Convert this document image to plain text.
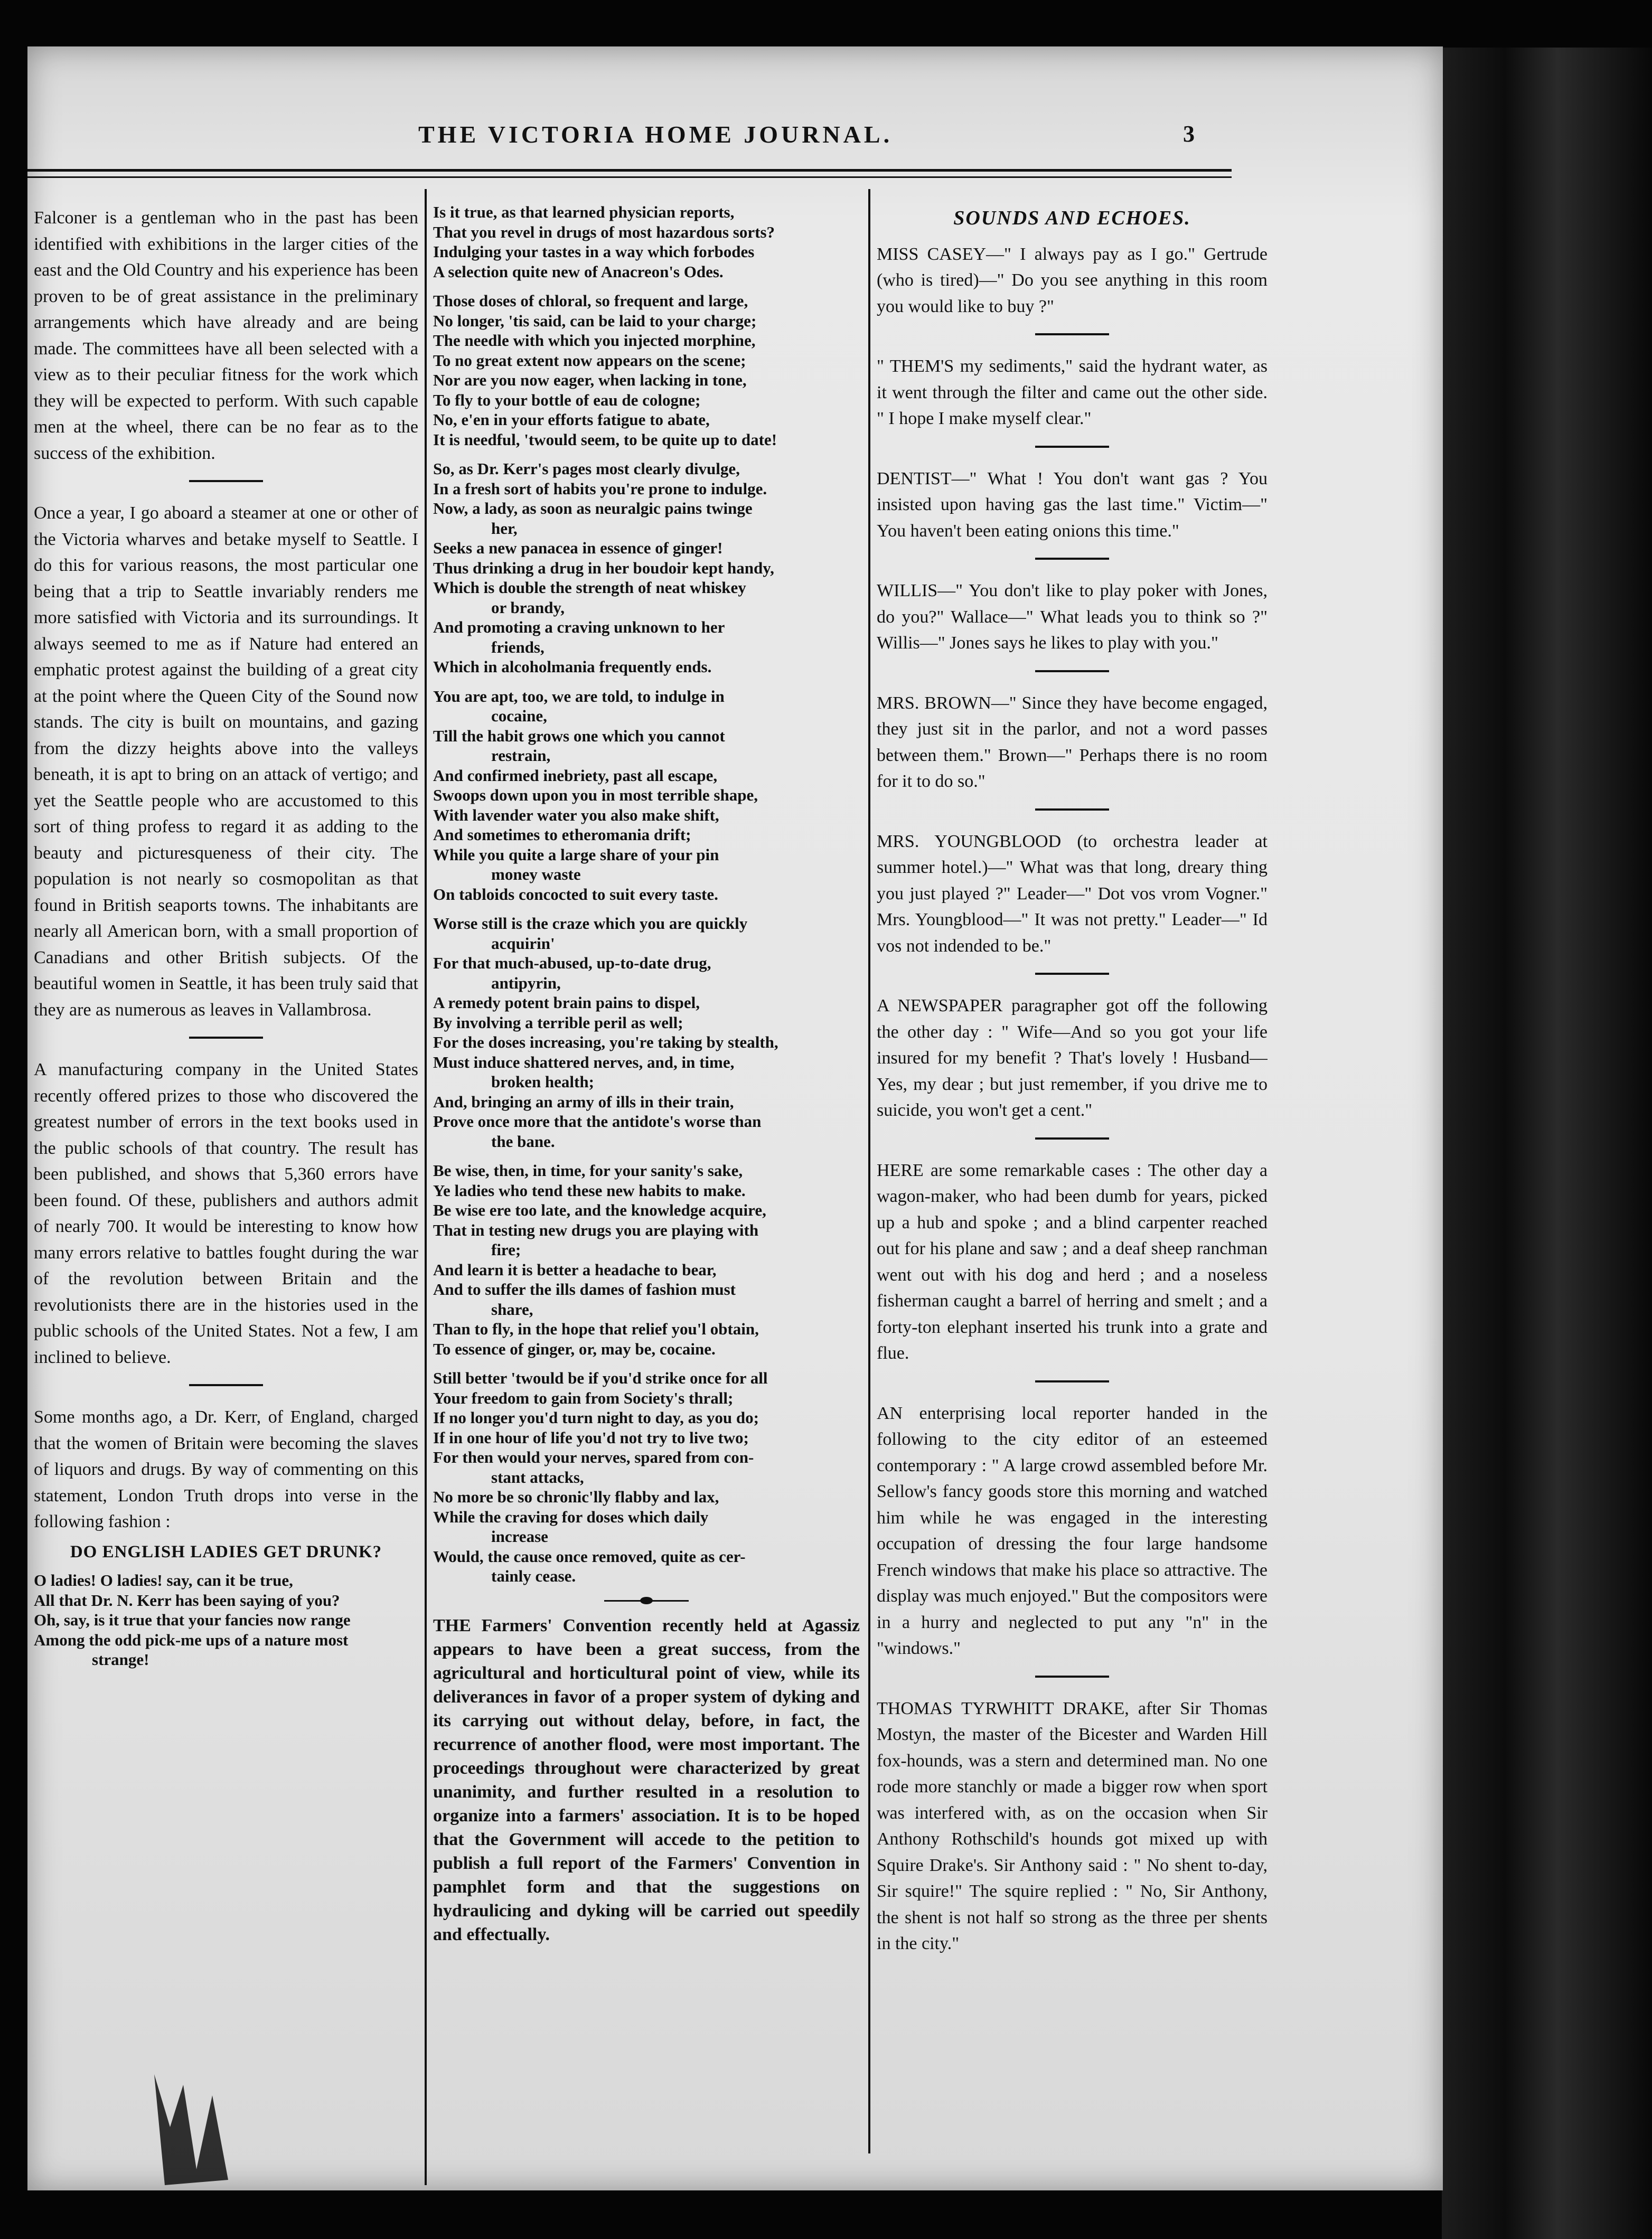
THE VICTORIA HOME JOURNAL.	3

Falconer is a gentleman who in the past has been identified with exhibitions in the larger cities of the east and the Old Country and his experience has been proven to be of great assistance in the preliminary arrangements which have already and are being made. The committees have all been selected with a view as to their peculiar fitness for the work which they will be expected to perform. With such capable men at the wheel, there can be no fear as to the success of the exhibition.

Once a year, I go aboard a steamer at one or other of the Victoria wharves and betake myself to Seattle. I do this for various reasons, the most particular one being that a trip to Seattle invariably renders me more satisfied with Victoria and its surroundings. It always seemed to me as if Nature had entered an emphatic protest against the building of a great city at the point where the Queen City of the Sound now stands. The city is built on mountains, and gazing from the dizzy heights above into the valleys beneath, it is apt to bring on an attack of vertigo; and yet the Seattle people who are accustomed to this sort of thing profess to regard it as adding to the beauty and picturesqueness of their city. The population is not nearly so cosmopolitan as that found in British seaports towns. The inhabitants are nearly all American born, with a small proportion of Canadians and other British subjects. Of the beautiful women in Seattle, it has been truly said that they are as numerous as leaves in Vallambrosa.

A manufacturing company in the United States recently offered prizes to those who discovered the greatest number of errors in the text books used in the public schools of that country. The result has been published, and shows that 5,360 errors have been found. Of these, publishers and authors admit of nearly 700. It would be interesting to know how many errors relative to battles fought during the war of the revolution between Britain and the revolutionists there are in the histories used in the public schools of the United States. Not a few, I am inclined to believe.

Some months ago, a Dr. Kerr, of England, charged that the women of Britain were becoming the slaves of liquors and drugs. By way of commenting on this statement, London Truth drops into verse in the following fashion :

DO ENGLISH LADIES GET DRUNK?
O ladies! O ladies! say, can it be true,
All that Dr. N. Kerr has been saying of you?
Oh, say, is it true that your fancies now range
Among the odd pick-me ups of a nature most
strange!
Is it true, as that learned physician reports,
That you revel in drugs of most hazardous sorts?
Indulging your tastes in a way which forbodes
A selection quite new of Anacreon's Odes.
Those doses of chloral, so frequent and large,
No longer, 'tis said, can be laid to your charge;
The needle with which you injected morphine,
To no great extent now appears on the scene;
Nor are you now eager, when lacking in tone,
To fly to your bottle of eau de cologne;
No, e'en in your efforts fatigue to abate,
It is needful, 'twould seem, to be quite up to date!
So, as Dr. Kerr's pages most clearly divulge,
In a fresh sort of habits you're prone to indulge.
Now, a lady, as soon as neuralgic pains twinge
her,
Seeks a new panacea in essence of ginger!
Thus drinking a drug in her boudoir kept handy,
Which is double the strength of neat whiskey
or brandy,
And promoting a craving unknown to her
friends,
Which in alcoholmania frequently ends.
You are apt, too, we are told, to indulge in
cocaine,
Till the habit grows one which you cannot
restrain,
And confirmed inebriety, past all escape,
Swoops down upon you in most terrible shape,
With lavender water you also make shift,
And sometimes to etheromania drift;
While you quite a large share of your pin
money waste
On tabloids concocted to suit every taste.
Worse still is the craze which you are quickly
acquirin'
For that much-abused, up-to-date drug,
antipyrin,
A remedy potent brain pains to dispel,
By involving a terrible peril as well;
For the doses increasing, you're taking by stealth,
Must induce shattered nerves, and, in time,
broken health;
And, bringing an army of ills in their train,
Prove once more that the antidote's worse than
the bane.
Be wise, then, in time, for your sanity's sake,
Ye ladies who tend these new habits to make.
Be wise ere too late, and the knowledge acquire,
That in testing new drugs you are playing with
fire;
And learn it is better a headache to bear,
And to suffer the ills dames of fashion must
share,
Than to fly, in the hope that relief you'l obtain,
To essence of ginger, or, may be, cocaine.
Still better 'twould be if you'd strike once for all
Your freedom to gain from Society's thrall;
If no longer you'd turn night to day, as you do;
If in one hour of life you'd not try to live two;
For then would your nerves, spared from con-
stant attacks,
No more be so chronic'lly flabby and lax,
While the craving for doses which daily
increase
Would, the cause once removed, quite as cer-
tainly cease.

THE Farmers' Convention recently held at Agassiz appears to have been a great success, from the agricultural and horticultural point of view, while its deliverances in favor of a proper system of dyking and its carrying out without delay, before, in fact, the recurrence of another flood, were most important. The proceedings throughout were characterized by great unanimity, and further resulted in a resolution to organize into a farmers' association. It is to be hoped that the Government will accede to the petition to publish a full report of the Farmers' Convention in pamphlet form and that the suggestions on hydraulicing and dyking will be carried out speedily and effectually.

SOUNDS AND ECHOES.

MISS CASEY—" I always pay as I go." Gertrude (who is tired)—" Do you see anything in this room you would like to buy ?"

" THEM'S my sediments," said the hydrant water, as it went through the filter and came out the other side. " I hope I make myself clear."

DENTIST—" What ! You don't want gas ? You insisted upon having gas the last time." Victim—" You haven't been eating onions this time."

WILLIS—" You don't like to play poker with Jones, do you?" Wallace—" What leads you to think so ?" Willis—" Jones says he likes to play with you."

MRS. BROWN—" Since they have become engaged, they just sit in the parlor, and not a word passes between them." Brown—" Perhaps there is no room for it to do so."

MRS. YOUNGBLOOD (to orchestra leader at summer hotel.)—" What was that long, dreary thing you just played ?" Leader—" Dot vos vrom Vogner." Mrs. Youngblood—" It was not pretty." Leader—" Id vos not indended to be."

A NEWSPAPER paragrapher got off the following the other day : " Wife—And so you got your life insured for my benefit ? That's lovely ! Husband—Yes, my dear ; but just remember, if you drive me to suicide, you won't get a cent."

HERE are some remarkable cases : The other day a wagon-maker, who had been dumb for years, picked up a hub and spoke ; and a blind carpenter reached out for his plane and saw ; and a deaf sheep ranchman went out with his dog and herd ; and a noseless fisherman caught a barrel of herring and smelt ; and a forty-ton elephant inserted his trunk into a grate and flue.

AN enterprising local reporter handed in the following to the city editor of an esteemed contemporary : " A large crowd assembled before Mr. Sellow's fancy goods store this morning and watched him while he was engaged in the interesting occupation of dressing the four large handsome French windows that make his place so attractive. The display was much enjoyed." But the compositors were in a hurry and neglected to put any "n" in the "windows."

THOMAS TYRWHITT DRAKE, after Sir Thomas Mostyn, the master of the Bicester and Warden Hill fox-hounds, was a stern and determined man. No one rode more stanchly or made a bigger row when sport was interfered with, as on the occasion when Sir Anthony Rothschild's hounds got mixed up with Squire Drake's. Sir Anthony said : " No shent to-day, Sir squire!" The squire replied : " No, Sir Anthony, the shent is not half so strong as the three per shents in the city."
